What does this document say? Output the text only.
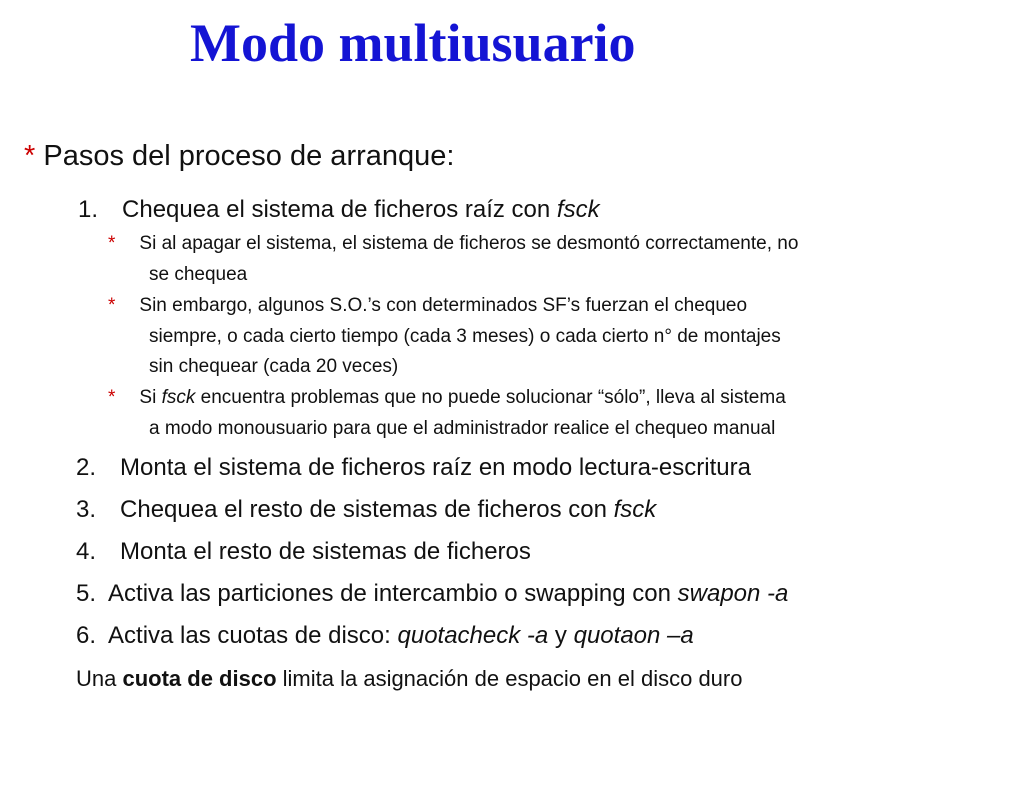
Modo multiusuario
* Pasos del proceso de arranque:
1. Chequea el sistema de ficheros raíz con fsck
* Si al apagar el sistema, el sistema de ficheros se desmontó correctamente, no
se chequea
* Sin embargo, algunos S.O.’s con determinados SF’s fuerzan el chequeo
siempre, o cada cierto tiempo (cada 3 meses) o cada cierto n° de montajes
sin chequear (cada 20 veces)
* Si fsck encuentra problemas que no puede solucionar “sólo”, lleva al sistema
a modo monousuario para que el administrador realice el chequeo manual
2. Monta el sistema de ficheros raíz en modo lectura-escritura
3. Chequea el resto de sistemas de ficheros con fsck
4. Monta el resto de sistemas de ficheros
5. Activa las particiones de intercambio o swapping con swapon -a
6. Activa las cuotas de disco: quotacheck -a y quotaon –a
Una cuota de disco limita la asignación de espacio en el disco duro
